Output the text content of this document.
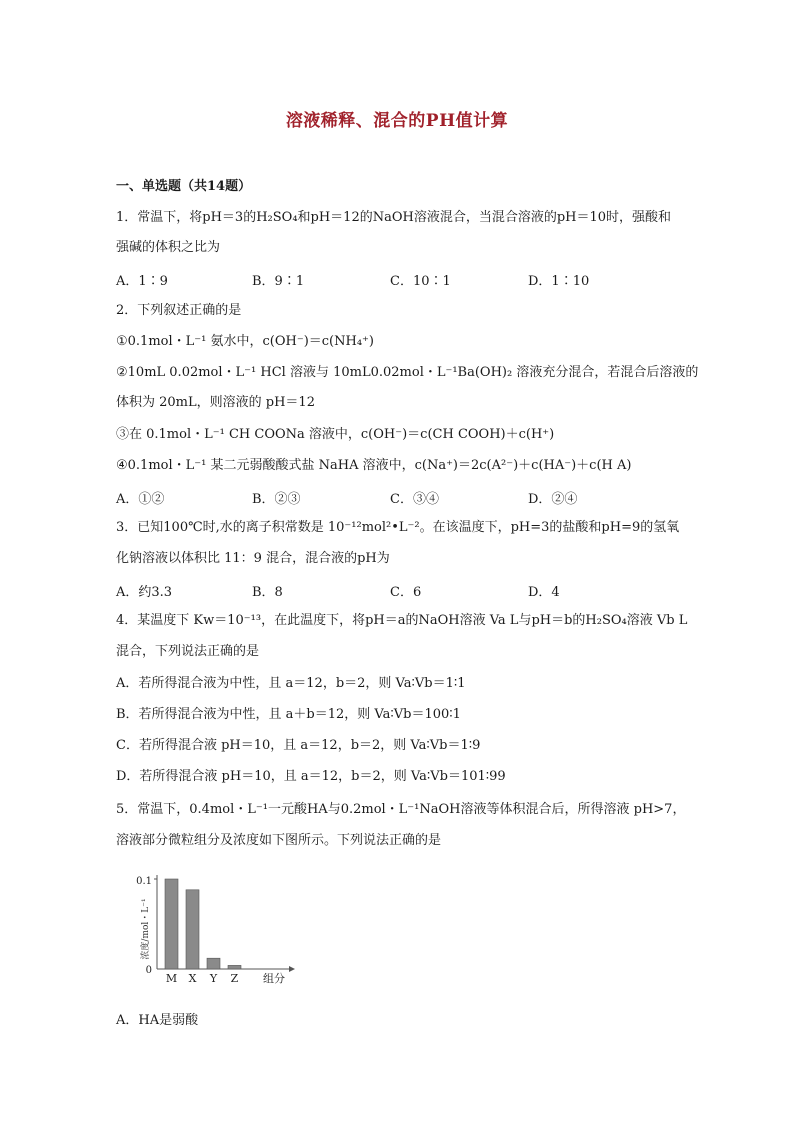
溶液稀释、混合的PH值计算
一、单选题（共14题）
1．常温下，将pH＝3的H₂SO₄和pH＝12的NaOH溶液混合，当混合溶液的pH＝10时，强酸和
强碱的体积之比为
A．1∶9	B．9∶1	C．10∶1	D．1∶10
2．下列叙述正确的是
①0.1mol・L⁻¹ 氨水中，c(OH⁻)＝c(NH₄⁺)
②10mL 0.02mol・L⁻¹ HCl 溶液与 10mL0.02mol・L⁻¹Ba(OH)₂ 溶液充分混合，若混合后溶液的
体积为 20mL，则溶液的 pH＝12
③在 0.1mol・L⁻¹ CH COONa 溶液中，c(OH⁻)＝c(CH COOH)＋c(H⁺)
④0.1mol・L⁻¹ 某二元弱酸酸式盐 NaHA 溶液中，c(Na⁺)＝2c(A²⁻)＋c(HA⁻)＋c(H A)
A．①②	B．②③	C．③④	D．②④
3．已知100℃时,水的离子积常数是 10⁻¹²mol²•L⁻²。在该温度下，pH=3的盐酸和pH=9的氢氧
化钠溶液以体积比 11：9 混合，混合液的pH为
A．约3.3	B．8	C．6	D．4
4．某温度下 Kw＝10⁻¹³，在此温度下，将pH＝a的NaOH溶液 Va L与pH＝b的H₂SO₄溶液 Vb L
混合，下列说法正确的是
A．若所得混合液为中性，且 a＝12，b＝2，则 Va∶Vb＝1∶1
B．若所得混合液为中性，且 a＋b＝12，则 Va∶Vb＝100∶1
C．若所得混合液 pH＝10，且 a＝12，b＝2，则 Va∶Vb＝1∶9
D．若所得混合液 pH＝10，且 a＝12，b＝2，则 Va∶Vb＝101∶99
5．常温下，0.4mol・L⁻¹一元酸HA与0.2mol・L⁻¹NaOH溶液等体积混合后，所得溶液 pH>7，
溶液部分微粒组分及浓度如下图所示。下列说法正确的是
M X Y Z
浓度/mol・L⁻¹
0
0.1
组分
A．HA是弱酸
